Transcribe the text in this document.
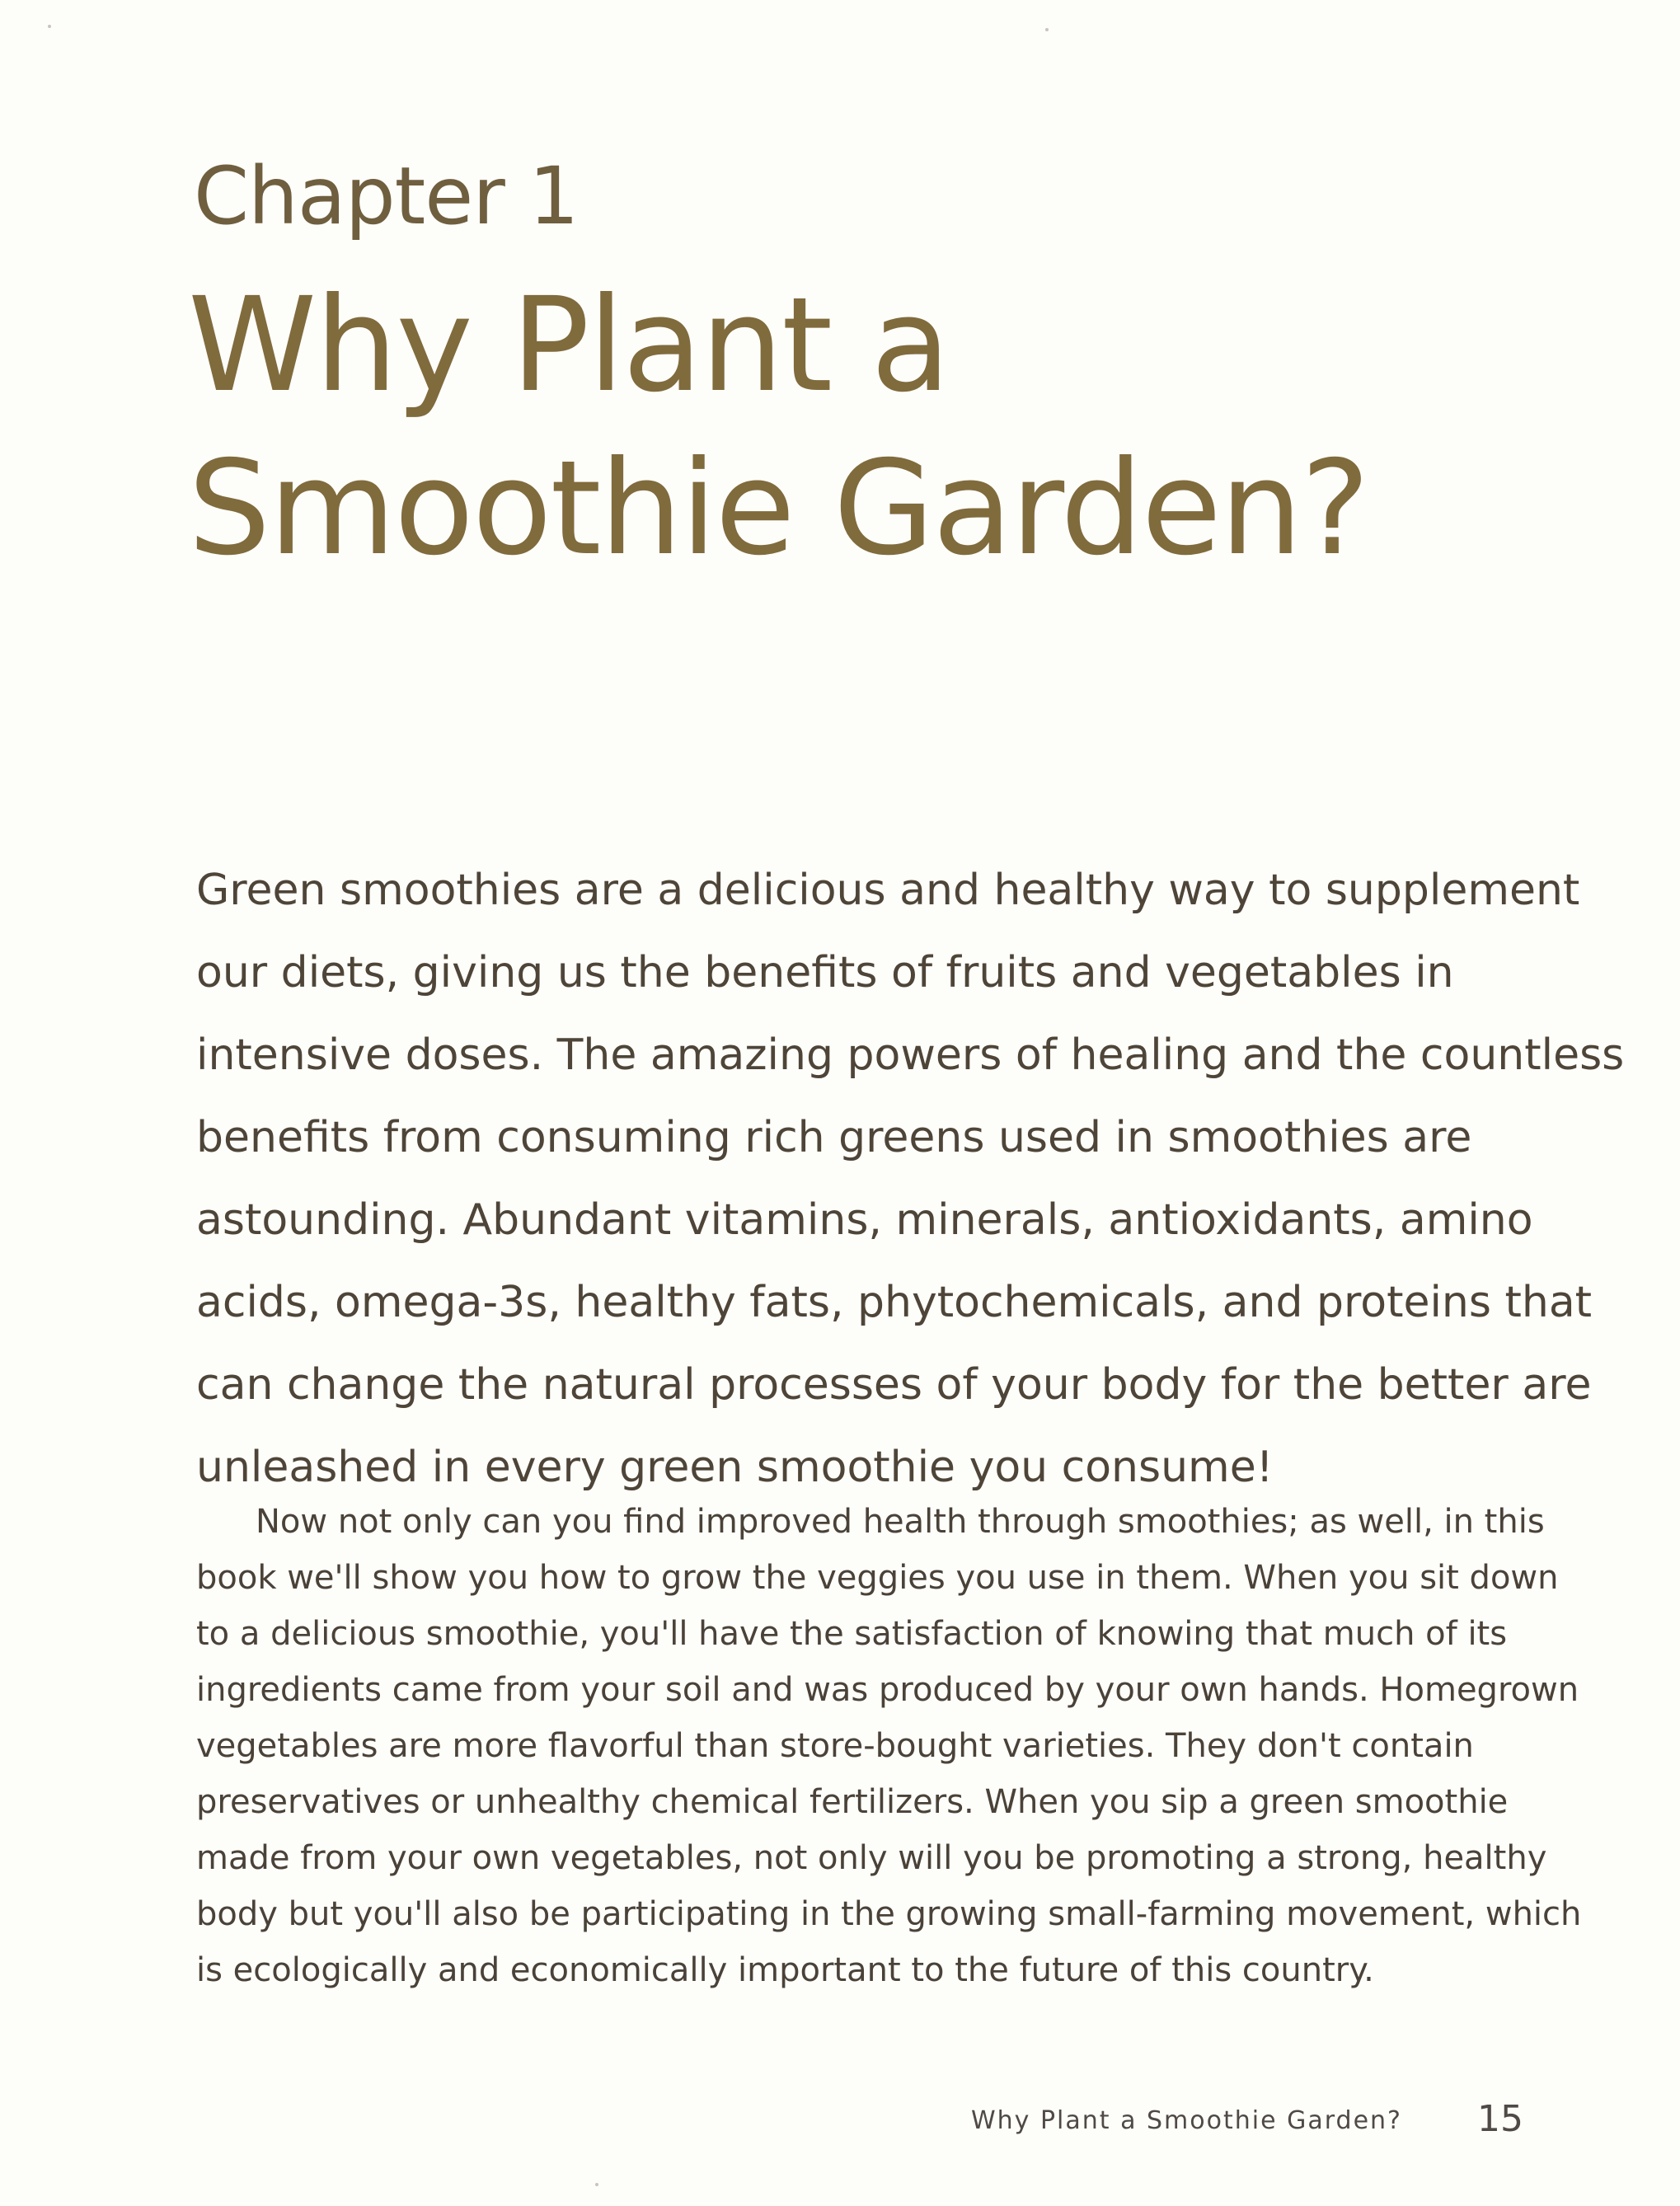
Chapter 1
Why Plant a
Smoothie Garden?
Green smoothies are a delicious and healthy way to supplement
our diets, giving us the benefits of fruits and vegetables in
intensive doses. The amazing powers of healing and the countless
benefits from consuming rich greens used in smoothies are
astounding. Abundant vitamins, minerals, antioxidants, amino
acids, omega-3s, healthy fats, phytochemicals, and proteins that
can change the natural processes of your body for the better are
unleashed in every green smoothie you consume!
Now not only can you find improved health through smoothies; as well, in this
book we'll show you how to grow the veggies you use in them. When you sit down
to a delicious smoothie, you'll have the satisfaction of knowing that much of its
ingredients came from your soil and was produced by your own hands. Homegrown
vegetables are more flavorful than store-bought varieties. They don't contain
preservatives or unhealthy chemical fertilizers. When you sip a green smoothie
made from your own vegetables, not only will you be promoting a strong, healthy
body but you'll also be participating in the growing small-farming movement, which
is ecologically and economically important to the future of this country.
Why Plant a Smoothie Garden? 15
